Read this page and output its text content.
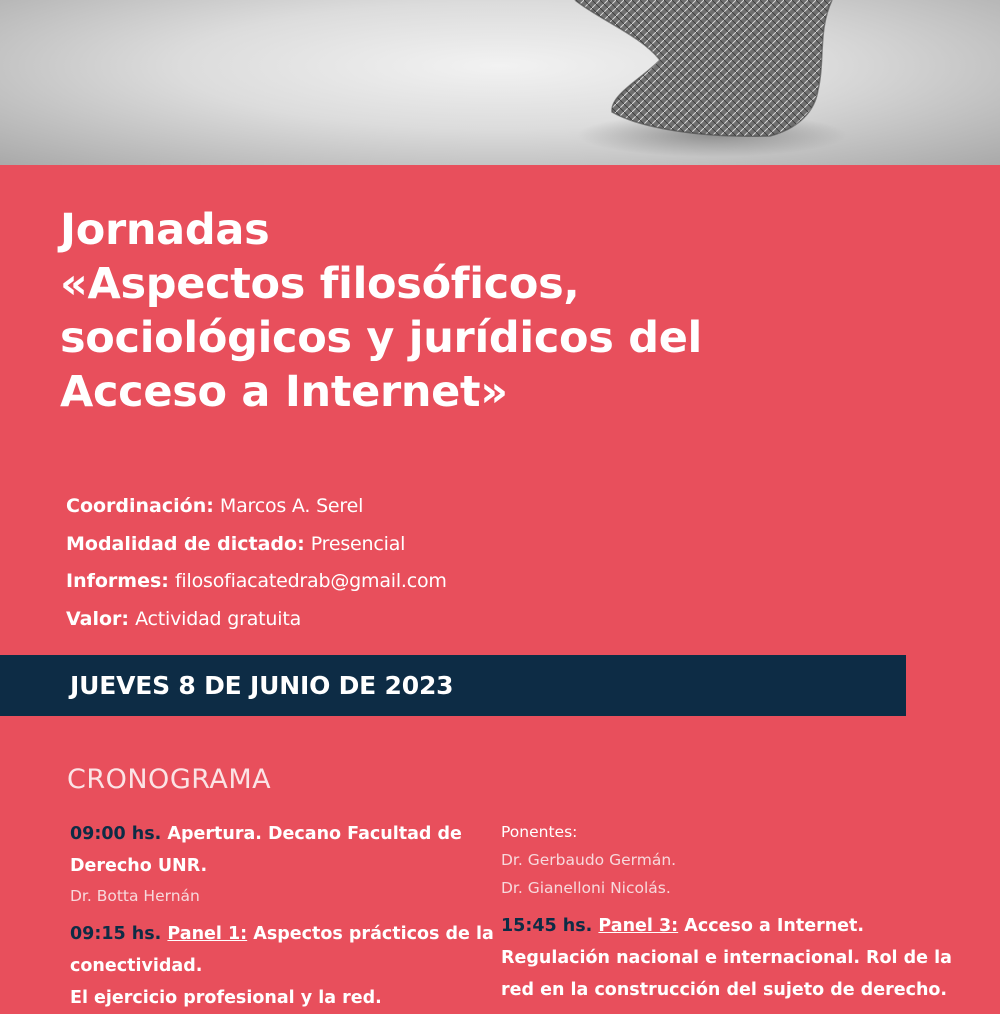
Jornadas
«Aspectos filosóficos,
sociológicos y jurídicos del
Acceso a Internet»
Coordinación: Marcos A. Serel
Modalidad de dictado: Presencial
Informes: filosofiacatedrab@gmail.com
Valor: Actividad gratuita
JUEVES 8 DE JUNIO DE 2023
CRONOGRAMA
09:00 hs. Apertura. Decano Facultad de
Derecho UNR.
Dr. Botta Hernán
09:15 hs. Panel 1: Aspectos prácticos de la
conectividad.
El ejercicio profesional y la red.
Ponentes:
Dr. Gerbaudo Germán.
Dr. Gianelloni Nicolás.
15:45 hs. Panel 3: Acceso a Internet.
Regulación nacional e internacional. Rol de la
red en la construcción del sujeto de derecho.
